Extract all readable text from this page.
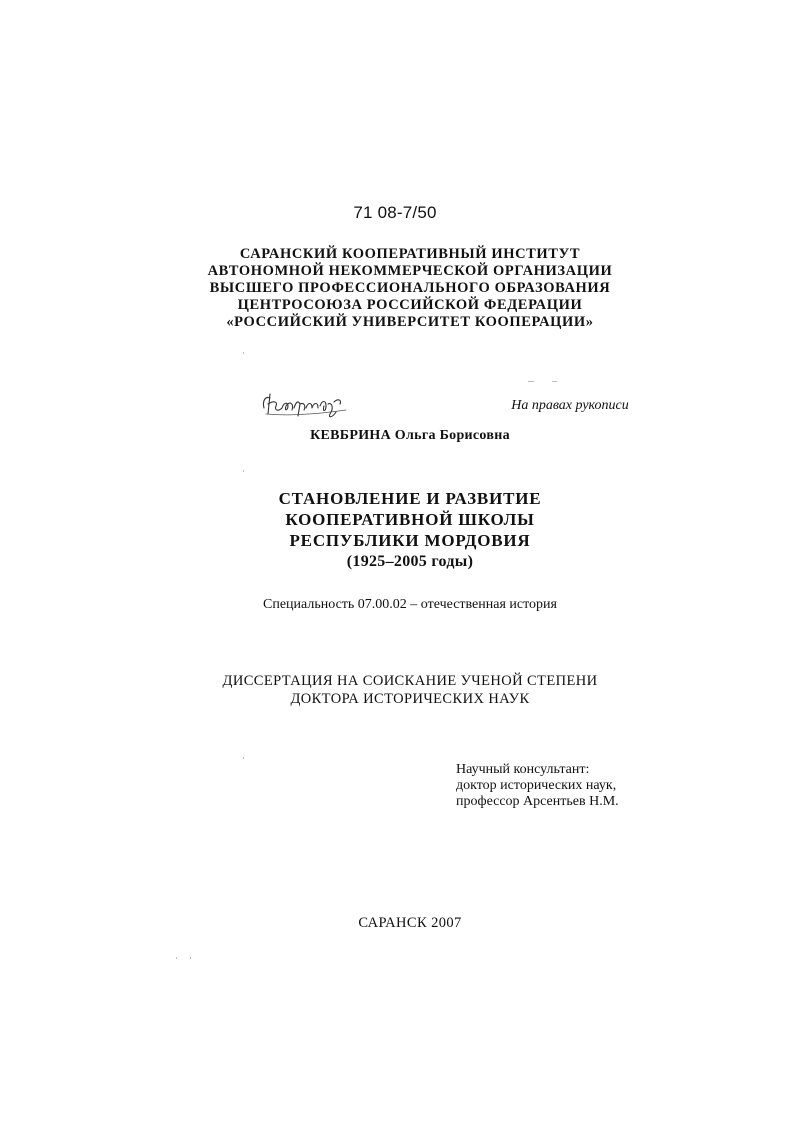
71 08-7/50
САРАНСКИЙ КООПЕРАТИВНЫЙ ИНСТИТУТ
АВТОНОМНОЙ НЕКОММЕРЧЕСКОЙ ОРГАНИЗАЦИИ
ВЫСШЕГО ПРОФЕССИОНАЛЬНОГО ОБРАЗОВАНИЯ
ЦЕНТРОСОЮЗА РОССИЙСКОЙ ФЕДЕРАЦИИ
«РОССИЙСКИЙ УНИВЕРСИТЕТ КООПЕРАЦИИ»
На правах рукописи
КЕВБРИНА Ольга Борисовна
СТАНОВЛЕНИЕ И РАЗВИТИЕ
КООПЕРАТИВНОЙ ШКОЛЫ
РЕСПУБЛИКИ МОРДОВИЯ
(1925–2005 годы)
Специальность 07.00.02 – отечественная история
ДИССЕРТАЦИЯ НА СОИСКАНИЕ УЧЕНОЙ СТЕПЕНИ
ДОКТОРА ИСТОРИЧЕСКИХ НАУК
Научный консультант:
доктор исторических наук,
профессор Арсентьев Н.М.
САРАНСК 2007
